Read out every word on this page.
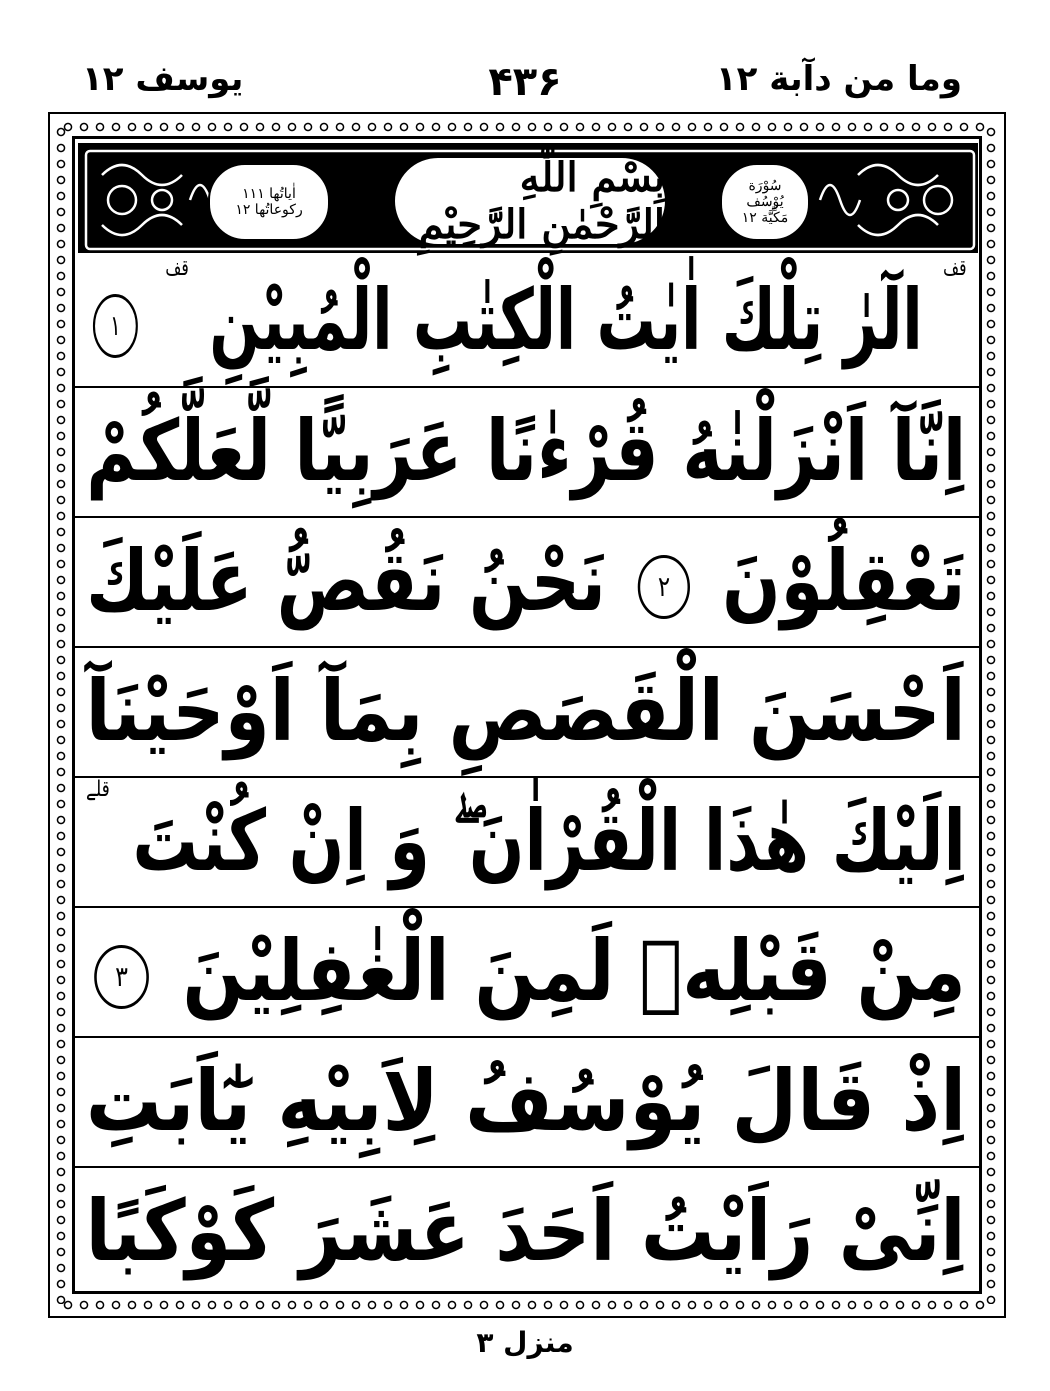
وما من دآبة ۱۲
۴۳۶
یوسف ۱۲
اٰیاتُها ۱۱۱
رکوعاتُها ۱۲
بِسْمِ اللّٰهِ الرَّحْمٰنِ الرَّحِیْمِ
سُوْرَة
یُوْسُف
مَکِّیَّة ۱۲
$^{قف}$ الٓرٰ تِلْكَ اٰیٰتُ الْكِتٰبِ الْمُبِیْنِ $^{قف}$ ۱
اِنَّآ اَنْزَلْنٰهُ قُرْءٰنًا عَرَبِیًّا لَّعَلَّكُمْ
تَعْقِلُوْنَ ۲ نَحْنُ نَقُصُّ عَلَیْكَ
اَحْسَنَ الْقَصَصِ بِمَآ اَوْحَیْنَآ
اِلَیْكَ هٰذَا الْقُرْاٰنَ ۖ وَ اِنْ كُنْتَ $^{قلے}$
مِنْ قَبْلِهٖ لَمِنَ الْغٰفِلِیْنَ ۳
اِذْ قَالَ یُوْسُفُ لِاَبِیْهِ یٰٓاَبَتِ
اِنِّیْ رَاَیْتُ اَحَدَ عَشَرَ كَوْكَبًا
منزل ۳
